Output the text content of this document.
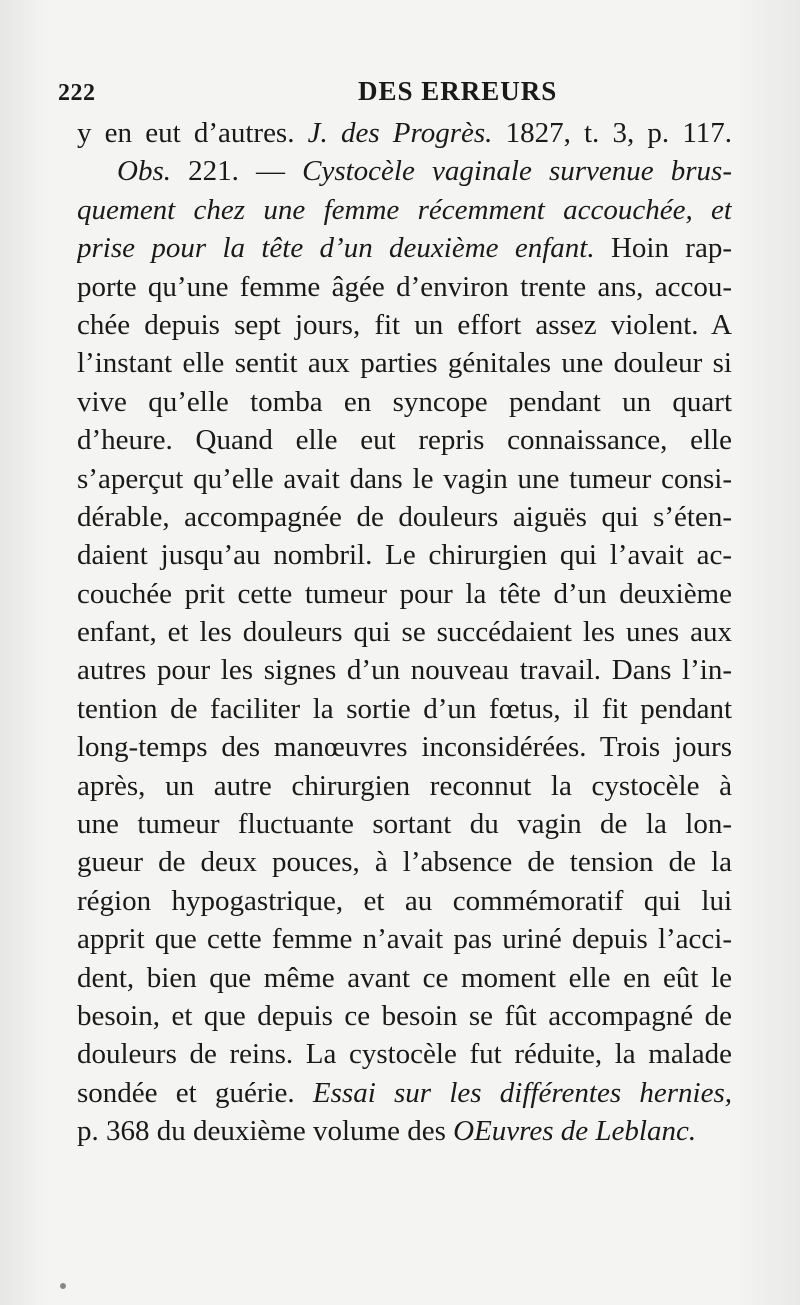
222	DES ERREURS
y en eut d’autres. J. des Progrès. 1827, t. 3, p. 117.
Obs. 221. — Cystocèle vaginale survenue brus-
quement chez une femme récemment accouchée, et
prise pour la tête d’un deuxième enfant. Hoin rap-
porte qu’une femme âgée d’environ trente ans, accou-
chée depuis sept jours, fit un effort assez violent. A
l’instant elle sentit aux parties génitales une douleur si
vive qu’elle tomba en syncope pendant un quart
d’heure. Quand elle eut repris connaissance, elle
s’aperçut qu’elle avait dans le vagin une tumeur consi-
dérable, accompagnée de douleurs aiguës qui s’éten-
daient jusqu’au nombril. Le chirurgien qui l’avait ac-
couchée prit cette tumeur pour la tête d’un deuxième
enfant, et les douleurs qui se succédaient les unes aux
autres pour les signes d’un nouveau travail. Dans l’in-
tention de faciliter la sortie d’un fœtus, il fit pendant
long-temps des manœuvres inconsidérées. Trois jours
après, un autre chirurgien reconnut la cystocèle à
une tumeur fluctuante sortant du vagin de la lon-
gueur de deux pouces, à l’absence de tension de la
région hypogastrique, et au commémoratif qui lui
apprit que cette femme n’avait pas uriné depuis l’acci-
dent, bien que même avant ce moment elle en eût le
besoin, et que depuis ce besoin se fût accompagné de
douleurs de reins. La cystocèle fut réduite, la malade
sondée et guérie. Essai sur les différentes hernies,
p. 368 du deuxième volume des OEuvres de Leblanc.
